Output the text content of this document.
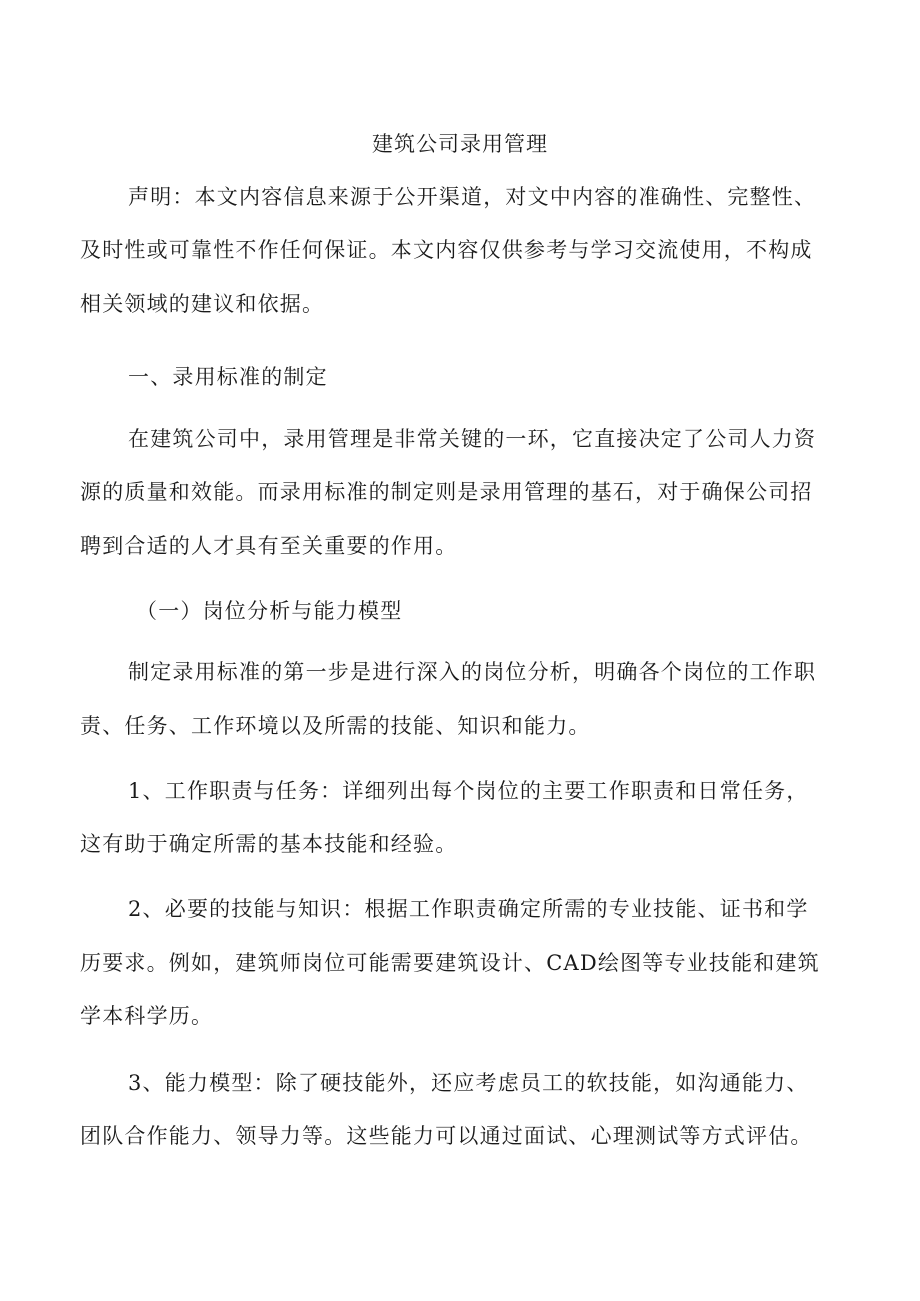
建筑公司录用管理
声明：本文内容信息来源于公开渠道，对文中内容的准确性、完整性、
及时性或可靠性不作任何保证。本文内容仅供参考与学习交流使用，不构成
相关领域的建议和依据。
一、录用标准的制定
在建筑公司中，录用管理是非常关键的一环，它直接决定了公司人力资
源的质量和效能。而录用标准的制定则是录用管理的基石，对于确保公司招
聘到合适的人才具有至关重要的作用。
（一）岗位分析与能力模型
制定录用标准的第一步是进行深入的岗位分析，明确各个岗位的工作职
责、任务、工作环境以及所需的技能、知识和能力。
1、工作职责与任务：详细列出每个岗位的主要工作职责和日常任务，
这有助于确定所需的基本技能和经验。
2、必要的技能与知识：根据工作职责确定所需的专业技能、证书和学
历要求。例如，建筑师岗位可能需要建筑设计、CAD绘图等专业技能和建筑
学本科学历。
3、能力模型：除了硬技能外，还应考虑员工的软技能，如沟通能力、
团队合作能力、领导力等。这些能力可以通过面试、心理测试等方式评估。
